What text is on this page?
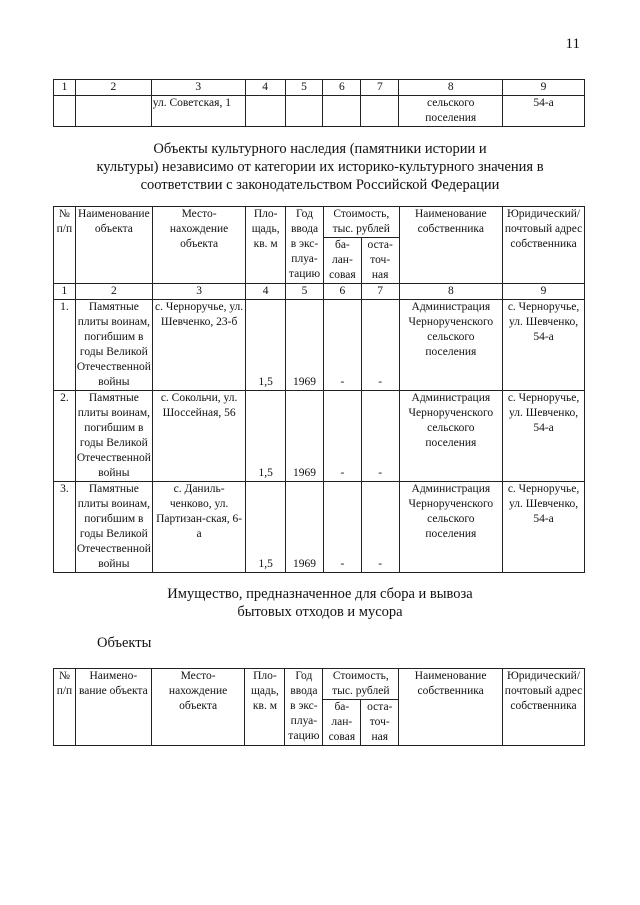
11
1	2	3	4	5	6	7	8	9
		ул. Советская, 1					сельского поселения	54-а
Объекты культурного наследия (памятники истории и
культуры) независимо от категории их историко-культурного значения в
соответствии с законодательством Российской Федерации
№ п/п	Наименование объекта	Место-нахождение объекта	Пло-щадь, кв. м	Год ввода в экс-плуа-тацию	Стоимость, тыс. рублей		Наименование собственника	Юридический/ почтовый адрес собственника
					ба-лан-совая	оста-точ-ная		
1	2	3	4	5	6	7	8	9
1.	Памятные плиты воинам, погибшим в годы Великой Отечественной войны	с. Черноручье, ул. Шевченко, 23-б	1,5	1969	-	-	Администрация Чернорученского сельского поселения	с. Черноручье, ул. Шевченко, 54-а
2.	Памятные плиты воинам, погибшим в годы Великой Отечественной войны	с. Сокольчи, ул. Шоссейная, 56	1,5	1969	-	-	Администрация Чернорученского сельского поселения	с. Черноручье, ул. Шевченко, 54-а
3.	Памятные плиты воинам, погибшим в годы Великой Отечественной войны	с. Даниль-ченково, ул. Партизан-ская, 6-а	1,5	1969	-	-	Администрация Чернорученского сельского поселения	с. Черноручье, ул. Шевченко, 54-а
Имущество, предназначенное для сбора и вывоза
бытовых отходов и мусора
Объекты
№ п/п	Наимено-вание объекта	Место-нахождение объекта	Пло-щадь, кв. м	Год ввода в экс-плуа-тацию	Стоимость, тыс. рублей		Наименование собственника	Юридический/ почтовый адрес собственника
					ба-лан-совая	оста-точ-ная		
